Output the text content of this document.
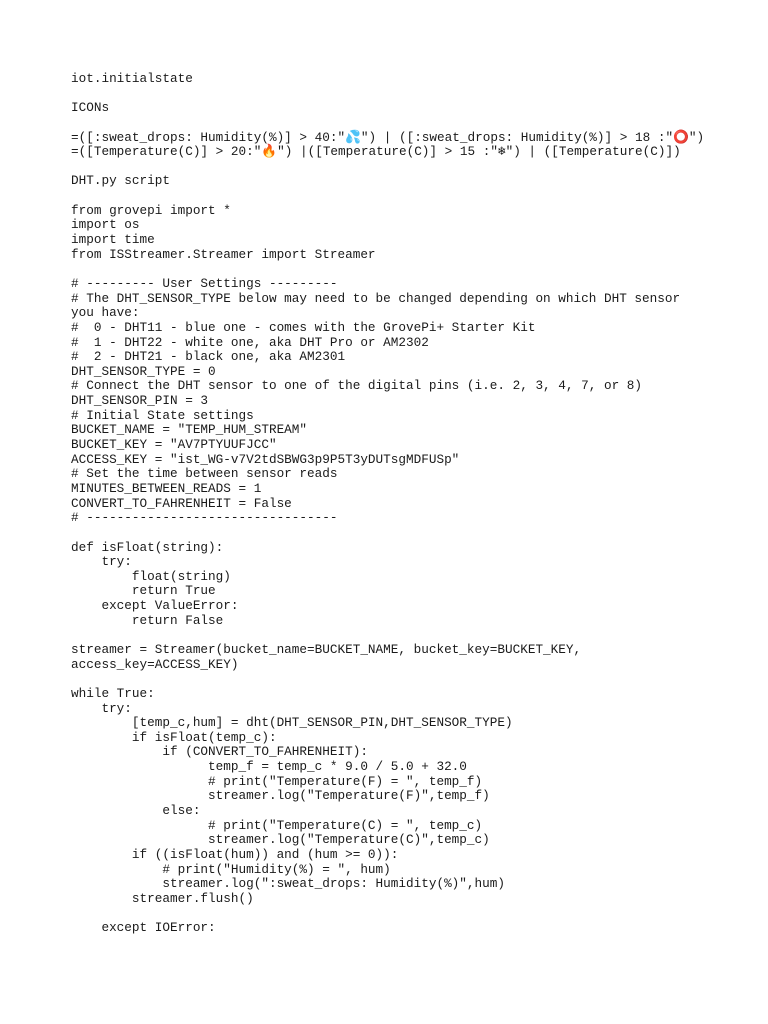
iot.initialstate
ICONs
=([:sweat_drops: Humidity(%)] > 40:"💦") | ([:sweat_drops: Humidity(%)] > 18 :"⭕")
=([Temperature(C)] > 20:"🔥") |([Temperature(C)] > 15 :"❄") | ([Temperature(C)])
DHT.py script
from grovepi import *
import os
import time
from ISStreamer.Streamer import Streamer
# --------- User Settings ---------
# The DHT_SENSOR_TYPE below may need to be changed depending on which DHT sensor
you have:
#  0 - DHT11 - blue one - comes with the GrovePi+ Starter Kit
#  1 - DHT22 - white one, aka DHT Pro or AM2302
#  2 - DHT21 - black one, aka AM2301
DHT_SENSOR_TYPE = 0
# Connect the DHT sensor to one of the digital pins (i.e. 2, 3, 4, 7, or 8)
DHT_SENSOR_PIN = 3
# Initial State settings
BUCKET_NAME = "TEMP_HUM_STREAM"
BUCKET_KEY = "AV7PTYUUFJCC"
ACCESS_KEY = "ist_WG-v7V2tdSBWG3p9P5T3yDUTsgMDFUSp"
# Set the time between sensor reads
MINUTES_BETWEEN_READS = 1
CONVERT_TO_FAHRENHEIT = False
# ---------------------------------
def isFloat(string):
try:
float(string)
return True
except ValueError:
return False
streamer = Streamer(bucket_name=BUCKET_NAME, bucket_key=BUCKET_KEY,
access_key=ACCESS_KEY)
while True:
try:
[temp_c,hum] = dht(DHT_SENSOR_PIN,DHT_SENSOR_TYPE)
if isFloat(temp_c):
if (CONVERT_TO_FAHRENHEIT):
temp_f = temp_c * 9.0 / 5.0 + 32.0
# print("Temperature(F) = ", temp_f)
streamer.log("Temperature(F)",temp_f)
else:
# print("Temperature(C) = ", temp_c)
streamer.log("Temperature(C)",temp_c)
if ((isFloat(hum)) and (hum >= 0)):
# print("Humidity(%) = ", hum)
streamer.log(":sweat_drops: Humidity(%)",hum)
streamer.flush()
except IOError:
